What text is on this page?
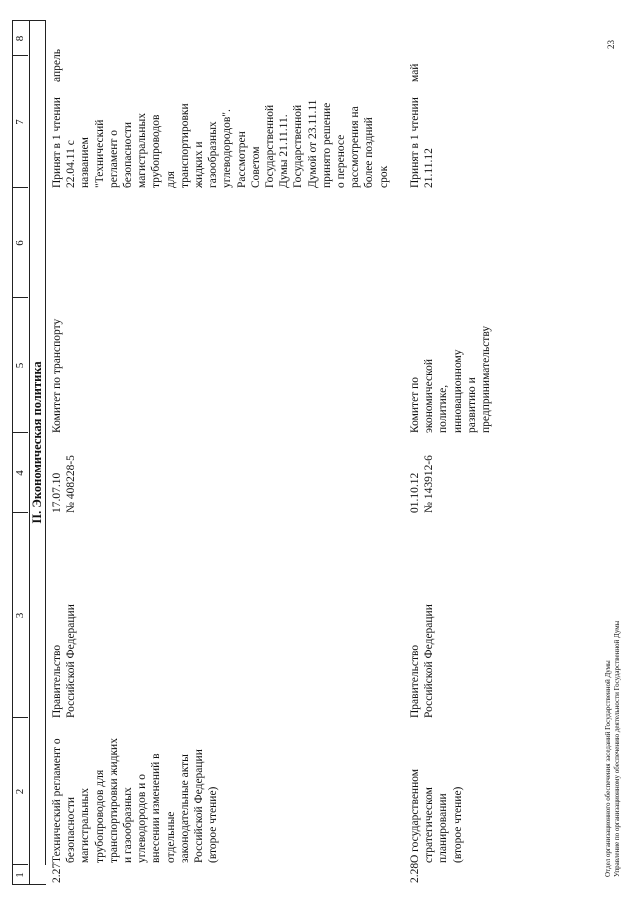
1
2
3
4
5
6
7
8
II. Экономическая политика
2.27
Технический регламент о
безопасности
магистральных
трубопроводов для
транспортировки жидких
и газообразных
углеводородов и о
внесении изменений в
отдельные
законодательные акты
Российской Федерации
(второе чтение)
Правительство
Российской Федерации
17.07.10
№ 408228-5
Комитет по транспорту
Принят в 1 чтении
22.04.11 с
названием
"Технический
регламент о
безопасности
магистральных
трубопроводов
для
транспортировки
жидких и
газообразных
углеводородов".
Рассмотрен
Советом
Государственной
Думы 21.11.11.
Государственной
Думой от 23.11.11
принято решение
о переносе
рассмотрения на
более поздний
срок
апрель
2.28
О государственном
стратегическом
планировании
(второе чтение)
Правительство
Российской Федерации
01.10.12
№ 143912-6
Комитет по
экономической
политике,
инновационному
развитию и
предпринимательству
Принят в 1 чтении
21.11.12
май
Отдел организационного обеспечения заседаний Государственной Думы Управление по организационному обеспечению деятельности Государственной Думы
23
